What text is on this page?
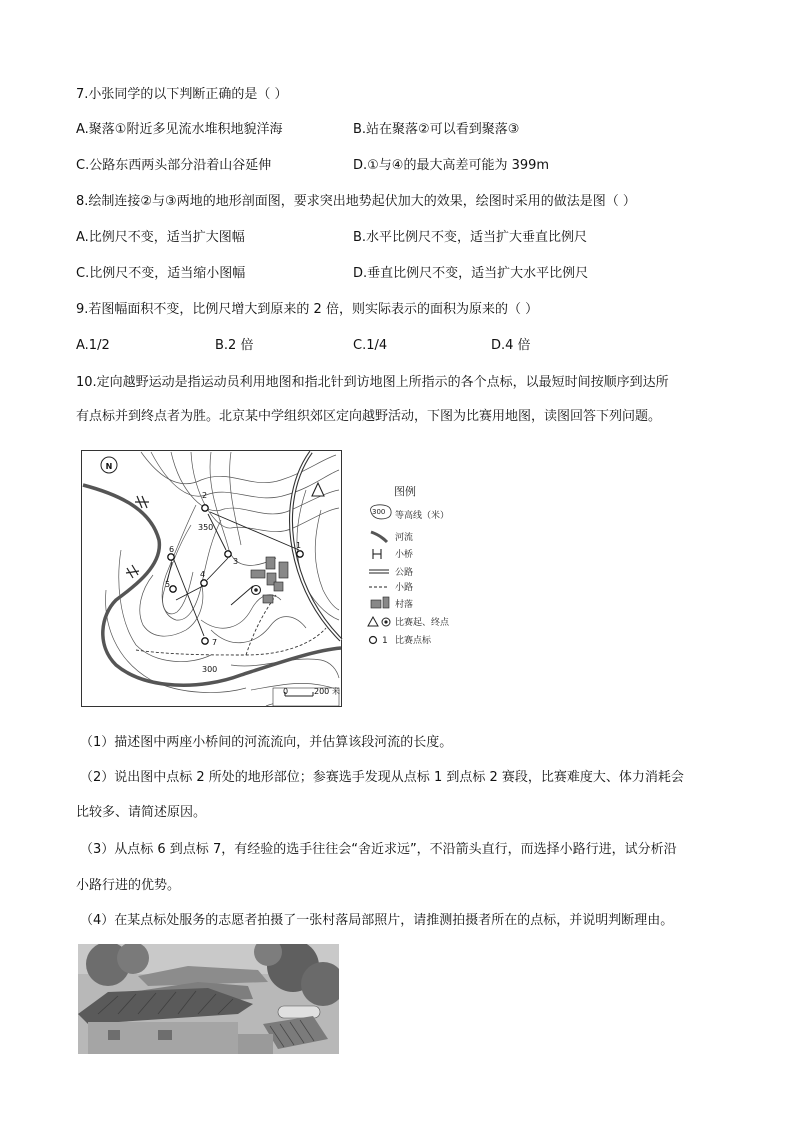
7.小张同学的以下判断正确的是（ ）
A.聚落①附近多见流水堆积地貌洋海	B.站在聚落②可以看到聚落③
C.公路东西两头部分沿着山谷延伸	D.①与④的最大高差可能为 399m
8.绘制连接②与③两地的地形剖面图，要求突出地势起伏加大的效果，绘图时采用的做法是图（ ）
A.比例尺不变，适当扩大图幅	B.水平比例尺不变，适当扩大垂直比例尺
C.比例尺不变，适当缩小图幅	D.垂直比例尺不变，适当扩大水平比例尺
9.若图幅面积不变，比例尺增大到原来的 2 倍，则实际表示的面积为原来的（ ）
A.1/2	B.2 倍	C.1/4	D.4 倍
10.定向越野运动是指运动员利用地图和指北针到访地图上所指示的各个点标，以最短时间按顺序到达所
有点标并到终点者为胜。北京某中学组织郊区定向越野活动，下图为比赛用地图，读图回答下列问题。
N
350
300
1
2
3
4
5
6
7
0	200 米
图例
300 等高线（米）
河流
小桥
公路
小路
村落
比赛起、终点
1 比赛点标
（1）描述图中两座小桥间的河流流向，并估算该段河流的长度。
（2）说出图中点标 2 所处的地形部位；参赛选手发现从点标 1 到点标 2 赛段，比赛难度大、体力消耗会
比较多、请简述原因。
（3）从点标 6 到点标 7，有经验的选手往往会“舍近求远”，不沿箭头直行，而选择小路行进，试分析沿
小路行进的优势。
（4）在某点标处服务的志愿者拍摄了一张村落局部照片，请推测拍摄者所在的点标，并说明判断理由。
